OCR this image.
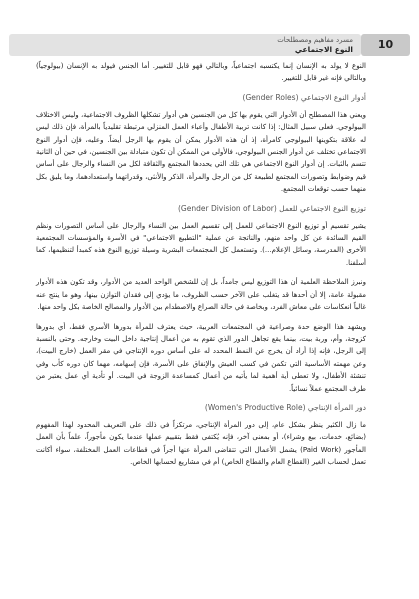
مسرد مفاهيم ومصطلحات
النوع الاجتماعي	10

النوع لا يولد به الإنسان إنما يكتسبه اجتماعياً، وبالتالي فهو قابل للتغيير. أما الجنس فيولد به الإنسان (بيولوجياً) وبالتالي فإنه غير قابل للتغيير.

أدوار النوع الاجتماعي (Gender Roles)

ويعني هذا المصطلح أن الأدوار التي يقوم بها كل من الجنسين هي أدوار تشكلها الظروف الاجتماعية، وليس الاختلاف البيولوجي. فعلى سبيل المثال: إذا كانت تربية الأطفال وأعباء العمل المنزلي مرتبطة تقليدياً بالمرأة، فإن ذلك ليس له علاقة بتكوينها البيولوجي كامرأة، إذ أن هذه الأدوار يمكن أن يقوم بها الرجل أيضاً. وعليه، فإن أدوار النوع الاجتماعي تختلف عن أدوار الجنس البيولوجي، فالأولى من الممكن أن تكون متبادلة بين الجنسين، في حين أن الثانية تتسم بالثبات. إن أدوار النوع الاجتماعي هي تلك التي يحددها المجتمع والثقافة لكل من النساء والرجال على أساس قيم وضوابط وتصورات المجتمع لطبيعة كل من الرجل والمرأة، الذكر والأنثى، وقدراتهما واستعدادهما، وما يليق بكل منهما حسب توقعات المجتمع.

توزيع النوع الاجتماعي للعمل (Gender Division of Labor)

يشير تقسيم أو توزيع النوع الاجتماعي للعمل إلى تقسيم العمل بين النساء والرجال على أساس التصورات ونظم القيم السائدة عن كل واحد منهم، والناتجة عن عملية "التطبيع الاجتماعي" في الأسرة والمؤسسات المجتمعية الأخرى (المدرسة، وسائل الإعلام...). وتستعمل كل المجتمعات البشرية وسيلة توزيع النوع هذه كمبدأ لتنظيمها، كما أسلفنا.

ونبرز الملاحظة العلمية أن هذا التوزيع ليس جامداً، بل إن للشخص الواحد العديد من الأدوار، وقد تكون هذه الأدوار مقبولة عامة، إلا أن أحدها قد يتغلب على الآخر حسب الظروف، ما يؤدي إلى فقدان التوازن بينها، وهو ما ينتج عنه غالباً انعكاسات على معاش الفرد، وبخاصة في حالة الصراع والاصطدام بين الأدوار والمصالح الخاصة بكل واحد منها.

ويشهد هذا الوضع حدة وصراعية في المجتمعات العربية، حيث يعترف للمرأة بدورها الأسري فقط، أي بدورها كزوجة، وأم، وربة بيت، بينما يقع تجاهل الدور الذي تقوم به من أعمال إنتاجية داخل البيت وخارجه. وحتى بالنسبة إلى الرجل، فإنه إذا أراد أن يخرج عن النمط المحدد له على أساس دوره الإنتاجي في مقر العمل (خارج البيت)، وعن مهمته الأساسية التي تكمن في كسب العيش والإنفاق على الأسرة، فإن إسهامه، مهما كان دوره كأب وفي تنشئة الأطفال، ولا تعطى أية أهمية لما يأتيه من أعمال كمساعدة الزوجة في البيت. أو تأدية أي عمل يعتبر من طرف المجتمع عملاً نسائياً.

دور المرأة الإنتاجي (Women's Productive Role)

ما زال الكثير ينظر بشكل عام، إلى دور المرأة الإنتاجي، مرتكزاً في ذلك على التعريف المحدود لهذا المفهوم (بضائع، خدمات، بيع وشراء)، أو بمعنى آخر، فإنه يُكتفى فقط بتقييم عملها عندما يكون مأجوراً، علماً بأن العمل المأجور (Paid Work) يشمل الأعمال التي تتقاضى المرأة عنها أجراً في قطاعات العمل المختلفة، سواء أكانت تعمل لحساب الغير (القطاع العام والقطاع الخاص) أم في مشاريع لحسابها الخاص.
